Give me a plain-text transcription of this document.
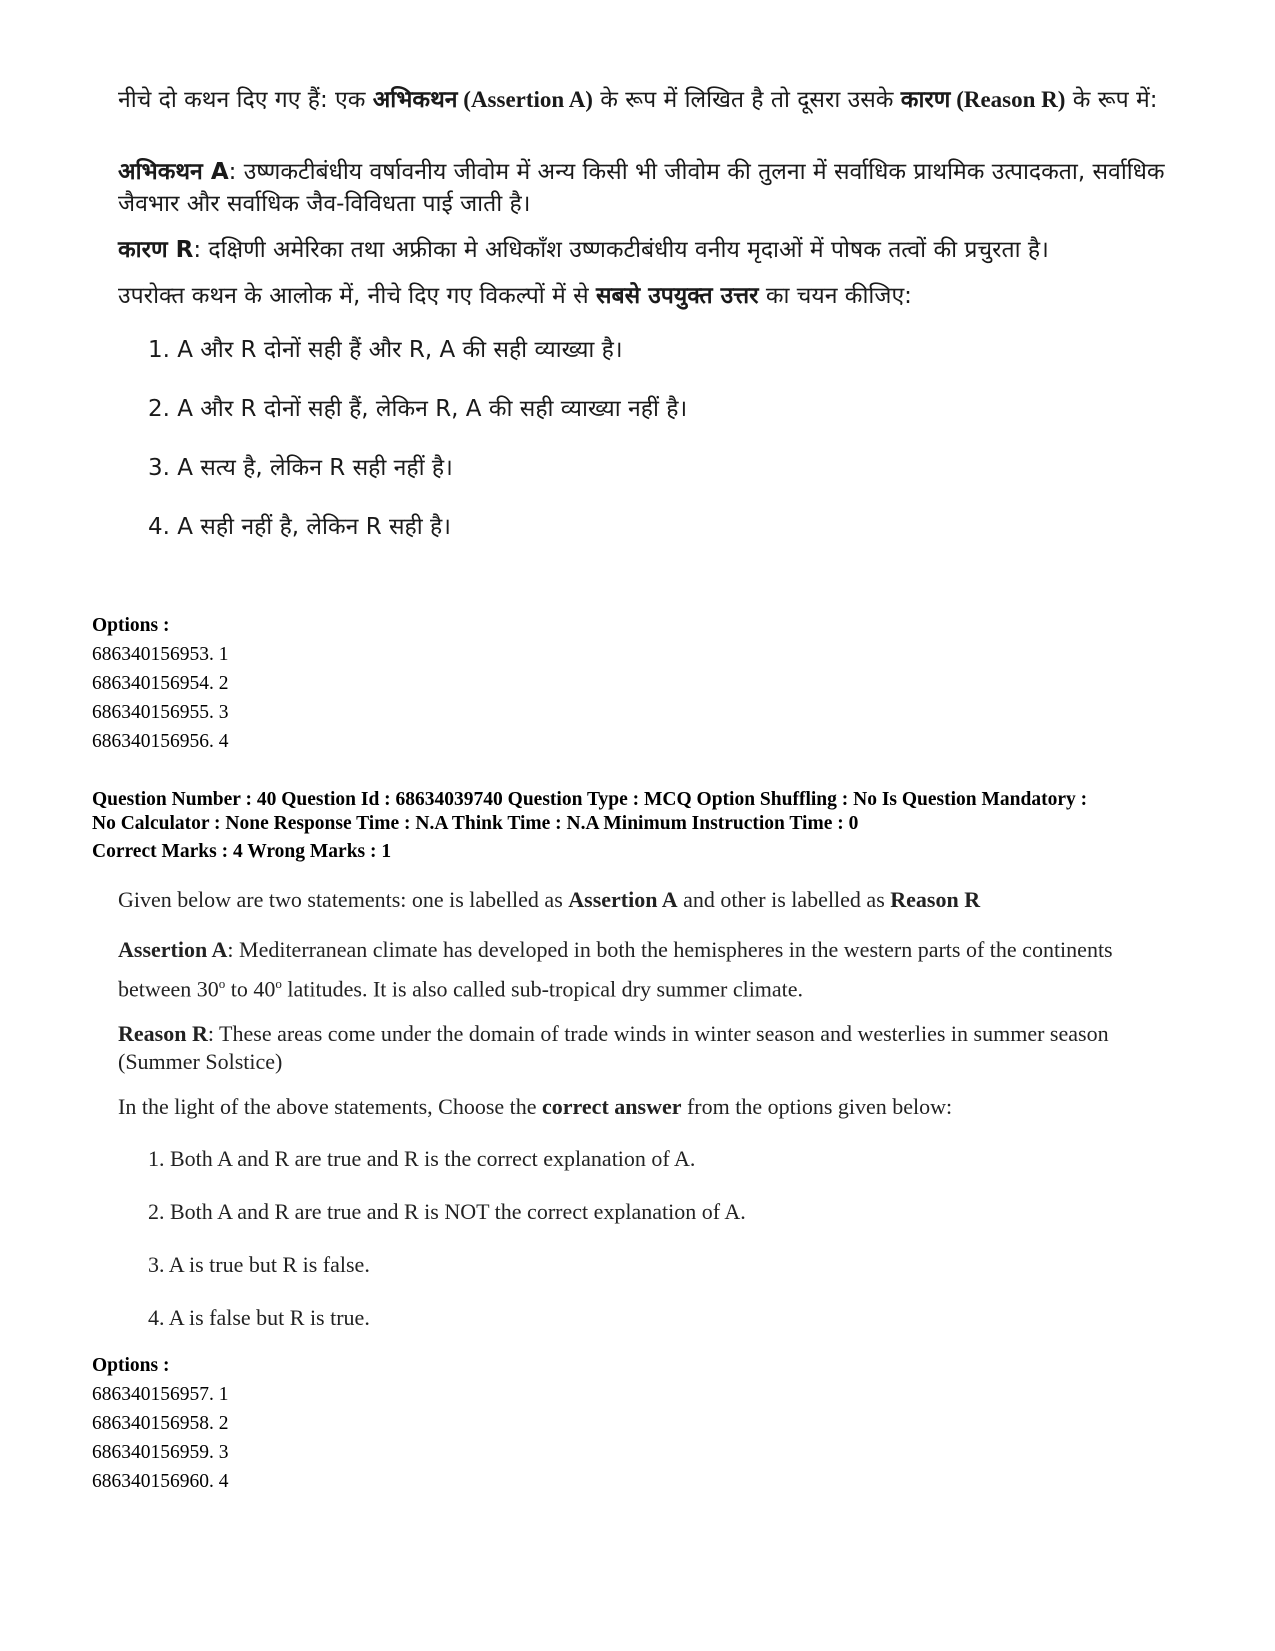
नीचे दो कथन दिए गए हैं: एक अभिकथन (Assertion A) के रूप में लिखित है तो दूसरा उसके कारण (Reason R) के रूप में:

अभिकथन A: उष्णकटीबंधीय वर्षावनीय जीवोम में अन्य किसी भी जीवोम की तुलना में सर्वाधिक प्राथमिक उत्पादकता, सर्वाधिक जैवभार और सर्वाधिक जैव-विविधता पाई जाती है।

कारण R: दक्षिणी अमेरिका तथा अफ्रीका मे अधिकाँश उष्णकटीबंधीय वनीय मृदाओं में पोषक तत्वों की प्रचुरता है।

उपरोक्त कथन के आलोक में, नीचे दिए गए विकल्पों में से सबसे उपयुक्त उत्तर का चयन कीजिए:

1. A और R दोनों सही हैं और R, A की सही व्याख्या है।
2. A और R दोनों सही हैं, लेकिन R, A की सही व्याख्या नहीं है।
3. A सत्य है, लेकिन R सही नहीं है।
4. A सही नहीं है, लेकिन R सही है।
Options :
686340156953. 1
686340156954. 2
686340156955. 3
686340156956. 4
Question Number : 40 Question Id : 68634039740 Question Type : MCQ Option Shuffling : No Is Question Mandatory :
No Calculator : None Response Time : N.A Think Time : N.A Minimum Instruction Time : 0
Correct Marks : 4 Wrong Marks : 1

Given below are two statements: one is labelled as Assertion A and other is labelled as Reason R

Assertion A: Mediterranean climate has developed in both the hemispheres in the western parts of the continents between 30$^o$ to 40$^o$ latitudes. It is also called sub-tropical dry summer climate.

Reason R: These areas come under the domain of trade winds in winter season and westerlies in summer season (Summer Solstice)

In the light of the above statements, Choose the correct answer from the options given below:

1. Both A and R are true and R is the correct explanation of A.
2. Both A and R are true and R is NOT the correct explanation of A.
3. A is true but R is false.
4. A is false but R is true.
Options :
686340156957. 1
686340156958. 2
686340156959. 3
686340156960. 4
